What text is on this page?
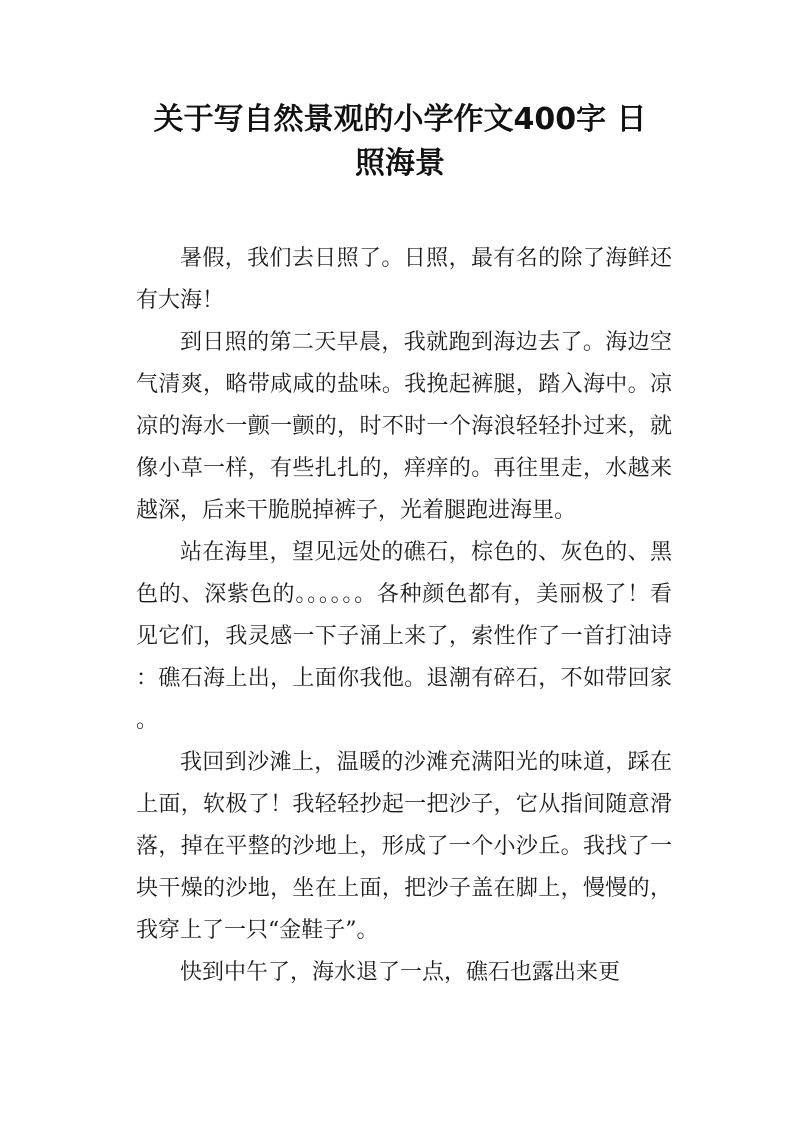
关于写自然景观的小学作文400字 日
照海景

暑假，我们去日照了。日照，最有名的除了海鲜还有大海！

到日照的第二天早晨，我就跑到海边去了。海边空气清爽，略带咸咸的盐味。我挽起裤腿，踏入海中。凉凉的海水一颤一颤的，时不时一个海浪轻轻扑过来，就像小草一样，有些扎扎的，痒痒的。再往里走，水越来越深，后来干脆脱掉裤子，光着腿跑进海里。

站在海里，望见远处的礁石，棕色的、灰色的、黑色的、深紫色的。。。。。。各种颜色都有，美丽极了！看见它们，我灵感一下子涌上来了，索性作了一首打油诗：礁石海上出，上面你我他。退潮有碎石，不如带回家。

我回到沙滩上，温暖的沙滩充满阳光的味道，踩在上面，软极了！我轻轻抄起一把沙子，它从指间随意滑落，掉在平整的沙地上，形成了一个小沙丘。我找了一块干燥的沙地，坐在上面，把沙子盖在脚上，慢慢的，我穿上了一只“金鞋子”。

快到中午了，海水退了一点，礁石也露出来更
